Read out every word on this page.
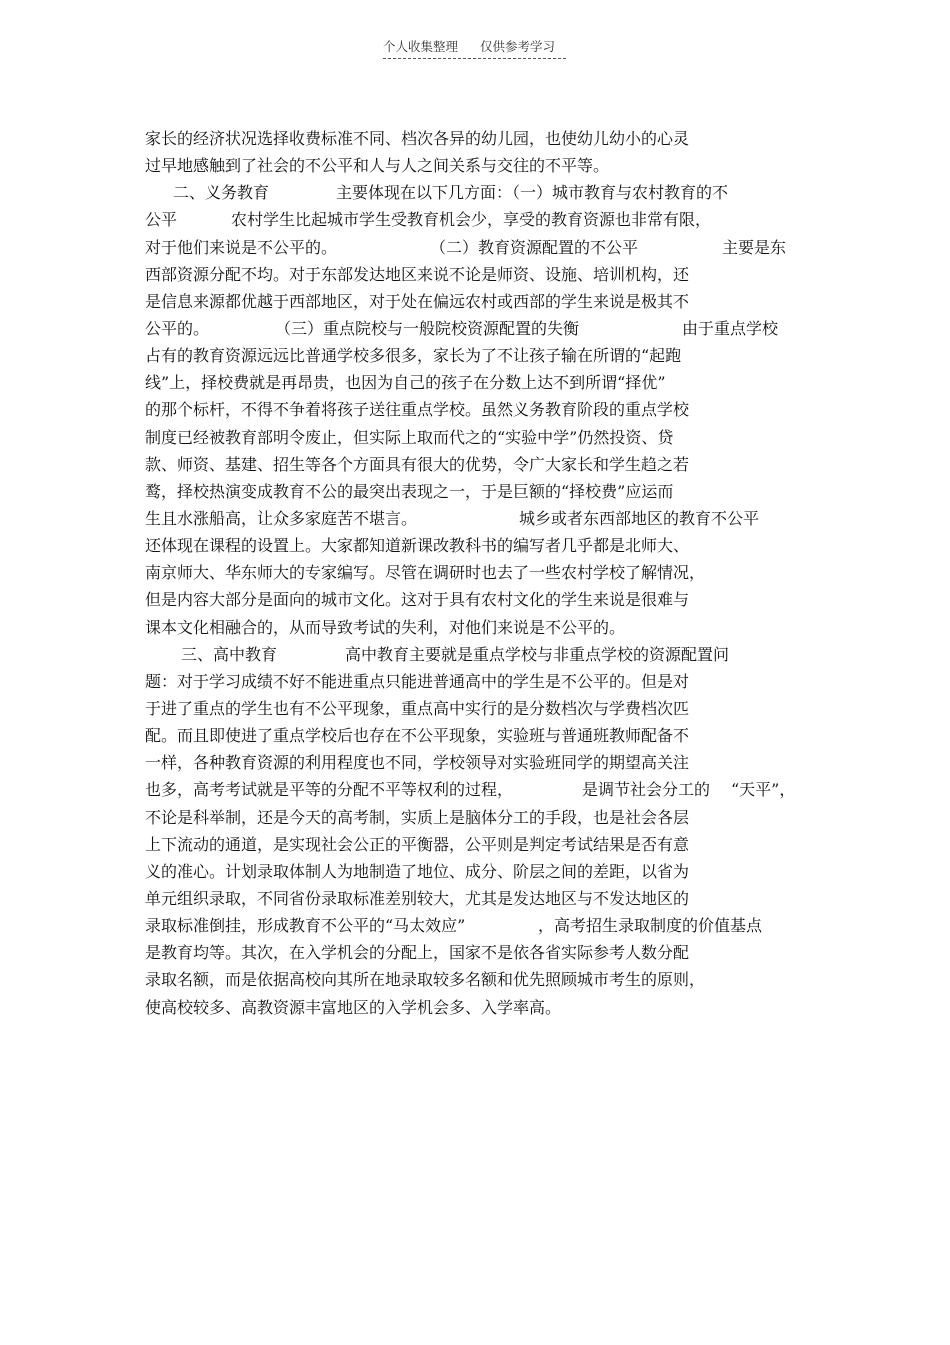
个人收集整理 仅供参考学习
家长的经济状况选择收费标准不同、档次各异的幼儿园，也使幼儿幼小的心灵
过早地感触到了社会的不公平和人与人之间关系与交往的不平等。
二、义务教育	主要体现在以下几方面：（一）城市教育与农村教育的不
公平	农村学生比起城市学生受教育机会少，享受的教育资源也非常有限，
对于他们来说是不公平的。	（二）教育资源配置的不公平	主要是东
西部资源分配不均。对于东部发达地区来说不论是师资、设施、培训机构，还
是信息来源都优越于西部地区，对于处在偏远农村或西部的学生来说是极其不
公平的。	（三）重点院校与一般院校资源配置的失衡	由于重点学校
占有的教育资源远远比普通学校多很多，家长为了不让孩子输在所谓的“起跑
线”上，择校费就是再昂贵，也因为自己的孩子在分数上达不到所谓“择优”
的那个标杆，不得不争着将孩子送往重点学校。虽然义务教育阶段的重点学校
制度已经被教育部明令废止，但实际上取而代之的“实验中学”仍然投资、贷
款、师资、基建、招生等各个方面具有很大的优势，令广大家长和学生趋之若
鹜，择校热演变成教育不公的最突出表现之一，于是巨额的“择校费”应运而
生且水涨船高，让众多家庭苦不堪言。	城乡或者东西部地区的教育不公平
还体现在课程的设置上。大家都知道新课改教科书的编写者几乎都是北师大、
南京师大、华东师大的专家编写。尽管在调研时也去了一些农村学校了解情况，
但是内容大部分是面向的城市文化。这对于具有农村文化的学生来说是很难与
课本文化相融合的，从而导致考试的失利，对他们来说是不公平的。
三、高中教育	高中教育主要就是重点学校与非重点学校的资源配置问
题：对于学习成绩不好不能进重点只能进普通高中的学生是不公平的。但是对
于进了重点的学生也有不公平现象，重点高中实行的是分数档次与学费档次匹
配。而且即使进了重点学校后也存在不公平现象，实验班与普通班教师配备不
一样，各种教育资源的利用程度也不同，学校领导对实验班同学的期望高关注
也多，高考考试就是平等的分配不平等权利的过程，	是调节社会分工的 “天平”，
不论是科举制，还是今天的高考制，实质上是脑体分工的手段，也是社会各层
上下流动的通道，是实现社会公正的平衡器，公平则是判定考试结果是否有意
义的准心。计划录取体制人为地制造了地位、成分、阶层之间的差距，以省为
单元组织录取，不同省份录取标准差别较大，尤其是发达地区与不发达地区的
录取标准倒挂，形成教育不公平的“马太效应”	，高考招生录取制度的价值基点
是教育均等。其次，在入学机会的分配上，国家不是依各省实际参考人数分配
录取名额，而是依据高校向其所在地录取较多名额和优先照顾城市考生的原则，
使高校较多、高教资源丰富地区的入学机会多、入学率高。
